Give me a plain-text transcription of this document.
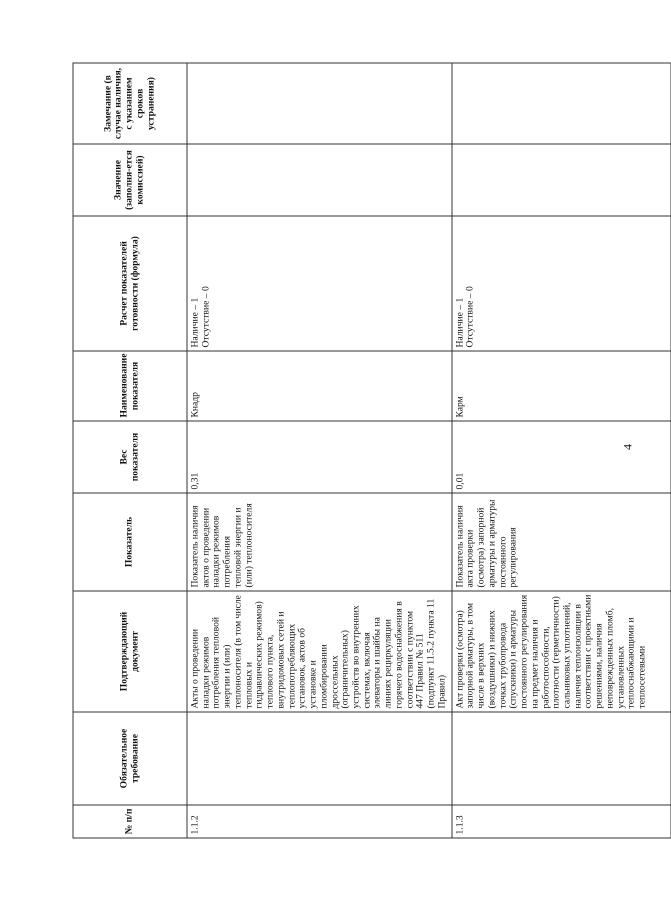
4
№ п/п	Обязательное требование	Подтверждающий документ	Показатель	Вес показателя	Наименование показателя	Расчет показателей готовности (формула)	Значение (заполня-ется комиссией)	Замечание (в случае наличия, с указанием сроков устранения)
1.1.2		Акты о проведении наладки режимов потребления тепловой энергии и (или) теплоносителя (в том числе тепловых и гидравлических режимов) теплового пункта, внутридомовых сетей и теплопотребляющих установок, актов об установке и пломбировании дроссельных (ограничительных) устройств во внутренних системах, включая элеваторы и шайбы на линиях рециркуляции горячего водоснабжения в соответствии с пунктом 447 Правил № 511 (подпункт 11.5.2 пункта 11 Правил)	Показатель наличия актов о проведении наладки режимов потребления тепловой энергии и (или) теплоносителя	0,31	Кнадр	Наличие – 1
Отсутствие – 0		
1.1.3		Акт проверки (осмотра) запорной арматуры, в том числе в верхних (воздушники) и нижних точках трубопровода (спускники) и арматуры постоянного регулирования на предмет наличия и работоспособности, плотности (герметичности) сальниковых уплотнений, наличия теплоизоляции в соответствии с проектными решениями, наличия неповрежденных пломб, установленных теплоснабжающими и теплосетевыми	Показатель наличия акта проверки (осмотра) запорной арматуры и арматуры постоянного регулирования	0,01	Карм	Наличие – 1
Отсутствие – 0		
